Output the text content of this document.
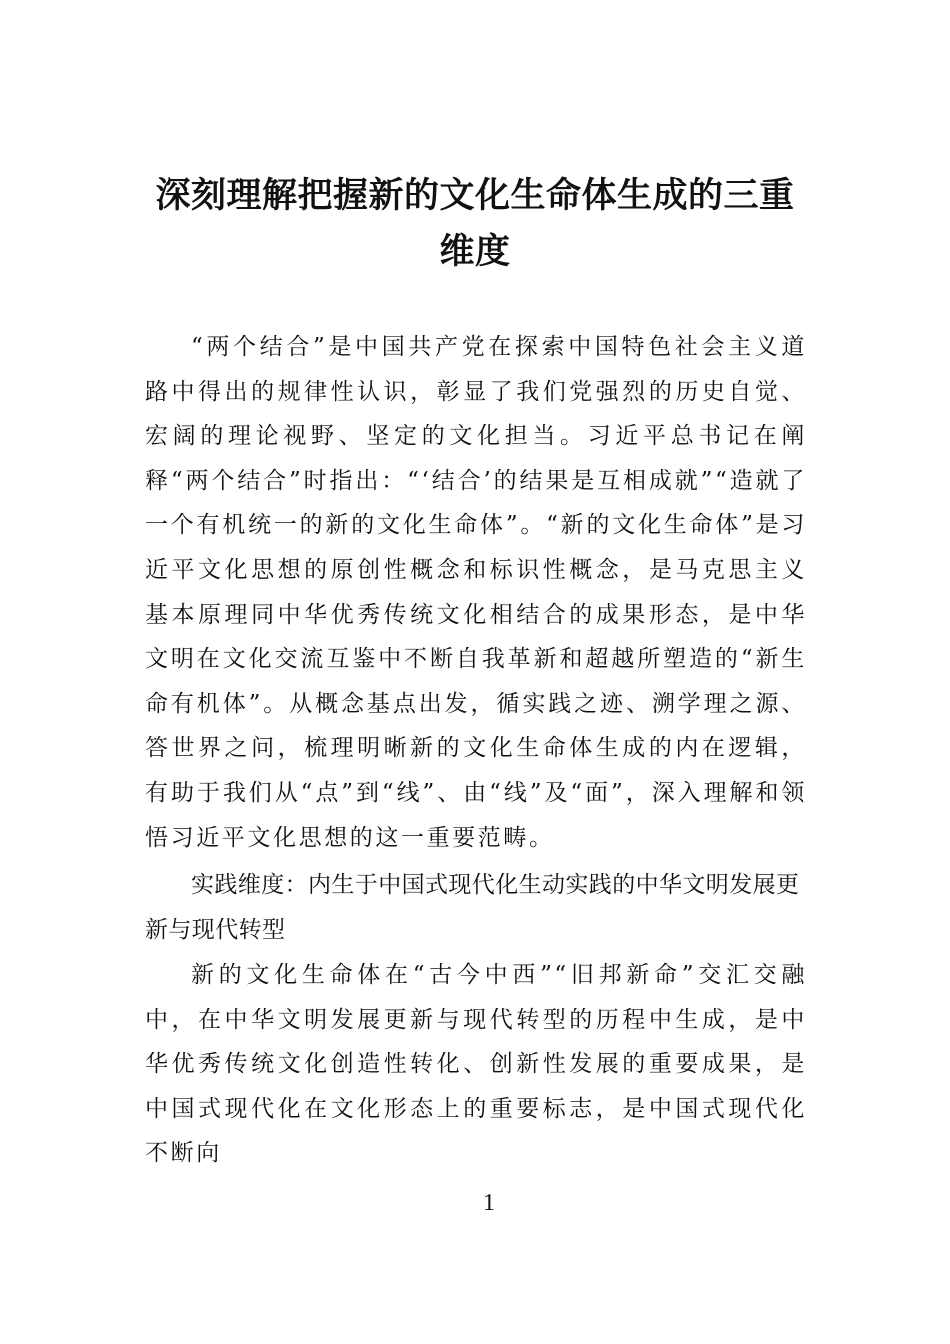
深刻理解把握新的文化生命体生成的三重维度

“两个结合”是中国共产党在探索中国特色社会主义道路中得出的规律性认识，彰显了我们党强烈的历史自觉、宏阔的理论视野、坚定的文化担当。习近平总书记在阐释“两个结合”时指出：“‘结合’的结果是互相成就”“造就了一个有机统一的新的文化生命体”。“新的文化生命体”是习近平文化思想的原创性概念和标识性概念，是马克思主义基本原理同中华优秀传统文化相结合的成果形态，是中华文明在文化交流互鉴中不断自我革新和超越所塑造的“新生命有机体”。从概念基点出发，循实践之迹、溯学理之源、答世界之问，梳理明晰新的文化生命体生成的内在逻辑，有助于我们从“点”到“线”、由“线”及“面”，深入理解和领悟习近平文化思想的这一重要范畴。

实践维度：内生于中国式现代化生动实践的中华文明发展更新与现代转型

新的文化生命体在“古今中西”“旧邦新命”交汇交融中，在中华文明发展更新与现代转型的历程中生成，是中华优秀传统文化创造性转化、创新性发展的重要成果，是中国式现代化在文化形态上的重要标志，是中国式现代化不断向

1
